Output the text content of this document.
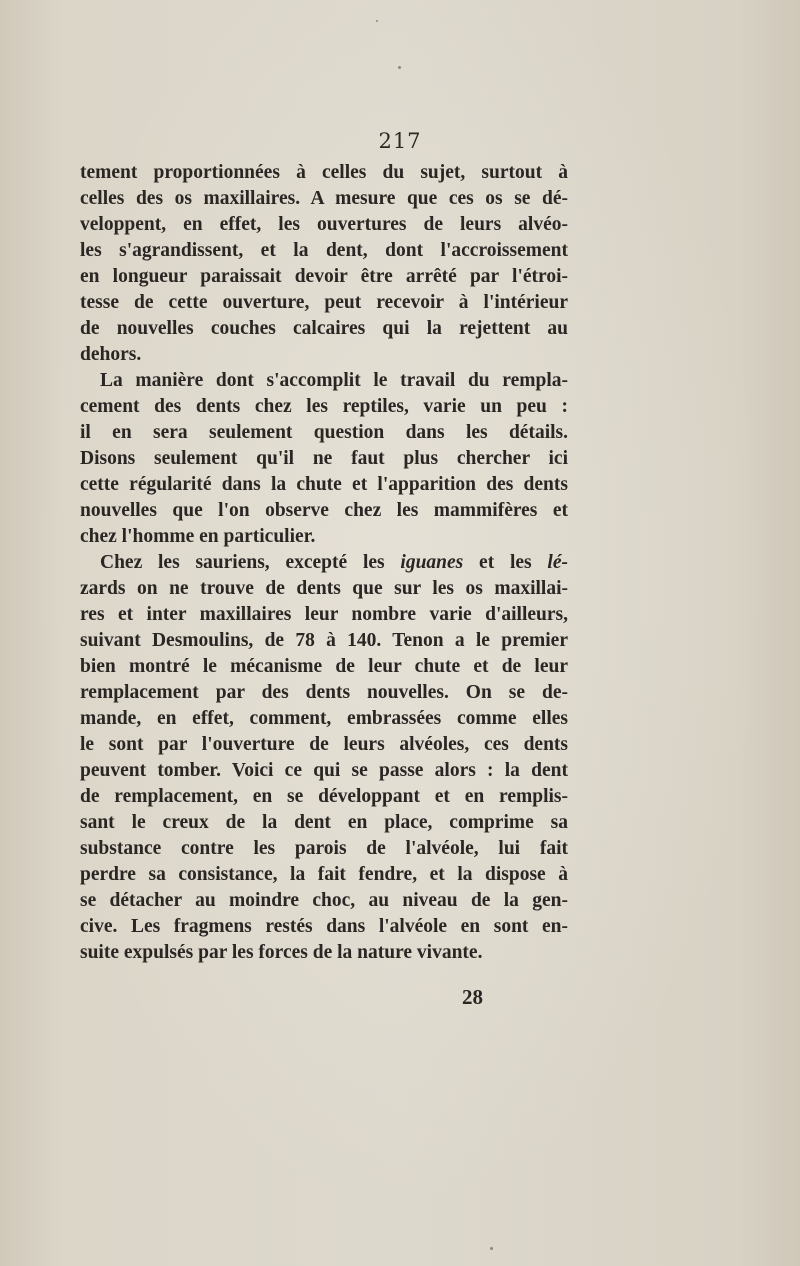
217
tement proportionnées à celles du sujet, surtout à
celles des os maxillaires. A mesure que ces os se dé-
veloppent, en effet, les ouvertures de leurs alvéo-
les s'agrandissent, et la dent, dont l'accroissement
en longueur paraissait devoir être arrêté par l'étroi-
tesse de cette ouverture, peut recevoir à l'intérieur
de nouvelles couches calcaires qui la rejettent au
dehors.
La manière dont s'accomplit le travail du rempla-
cement des dents chez les reptiles, varie un peu :
il en sera seulement question dans les détails.
Disons seulement qu'il ne faut plus chercher ici
cette régularité dans la chute et l'apparition des dents
nouvelles que l'on observe chez les mammifères et
chez l'homme en particulier.
Chez les sauriens, excepté les iguanes et les lé-
zards on ne trouve de dents que sur les os maxillai-
res et inter maxillaires leur nombre varie d'ailleurs,
suivant Desmoulins, de 78 à 140. Tenon a le premier
bien montré le mécanisme de leur chute et de leur
remplacement par des dents nouvelles. On se de-
mande, en effet, comment, embrassées comme elles
le sont par l'ouverture de leurs alvéoles, ces dents
peuvent tomber. Voici ce qui se passe alors : la dent
de remplacement, en se développant et en remplis-
sant le creux de la dent en place, comprime sa
substance contre les parois de l'alvéole, lui fait
perdre sa consistance, la fait fendre, et la dispose à
se détacher au moindre choc, au niveau de la gen-
cive. Les fragmens restés dans l'alvéole en sont en-
suite expulsés par les forces de la nature vivante.
28
